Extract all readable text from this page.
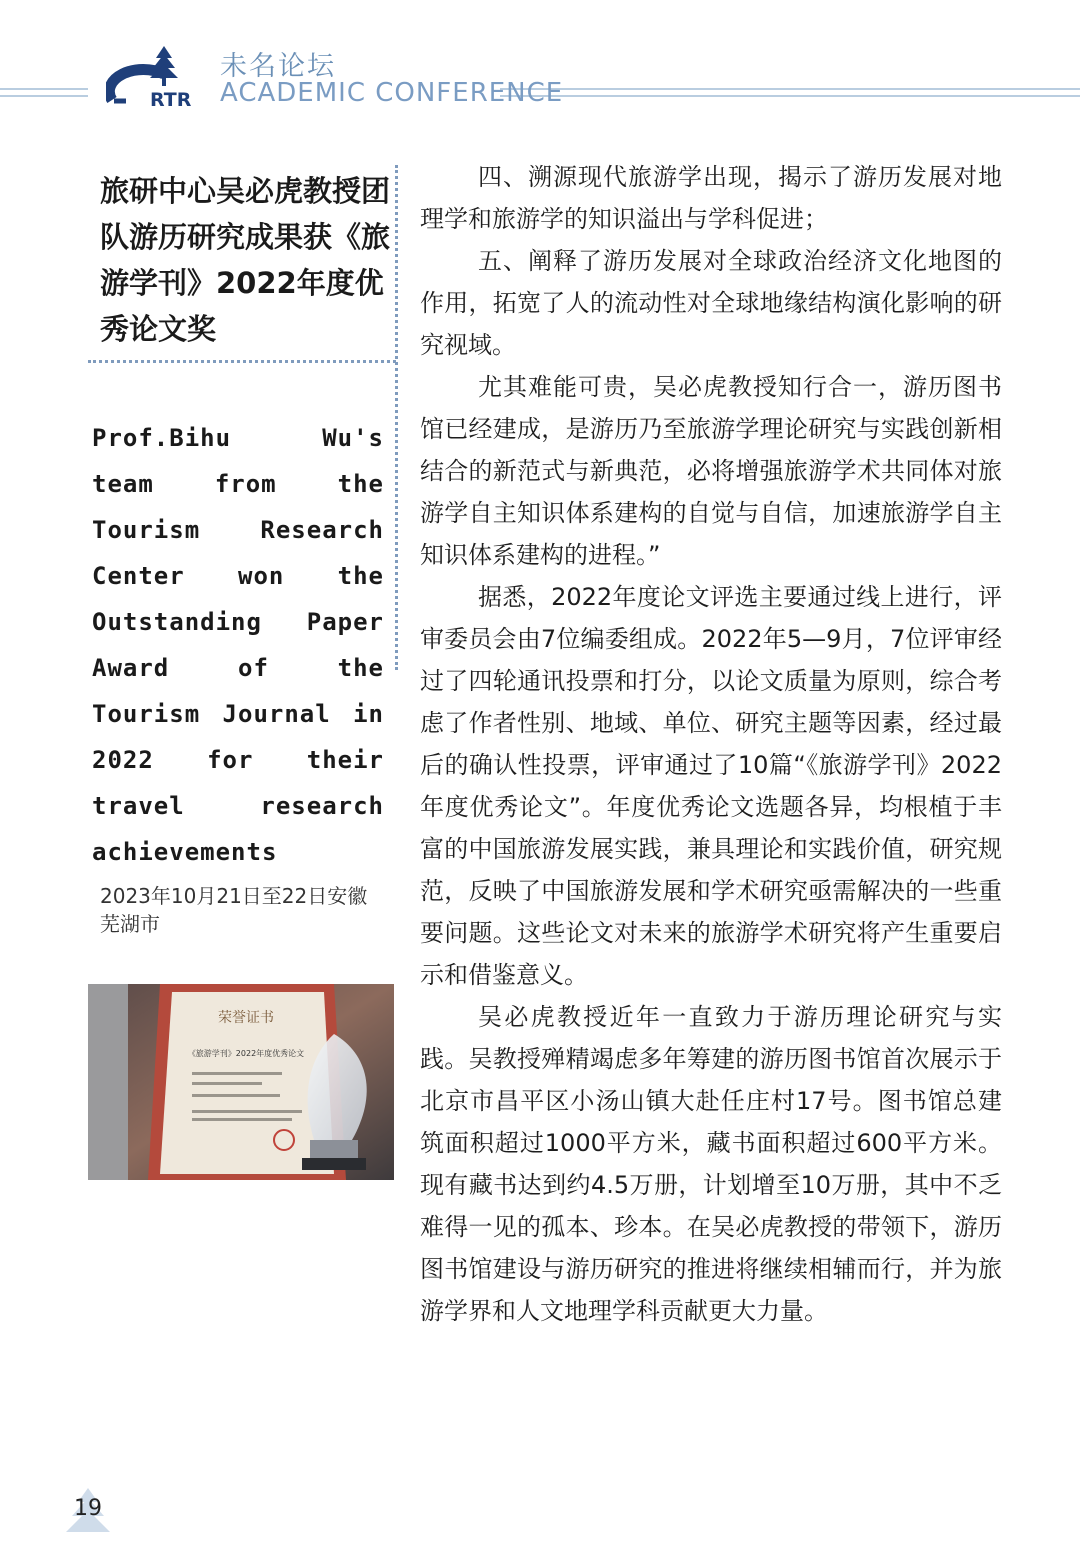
RTR
未名论坛
ACADEMIC CONFERENCE
旅研中心吴必虎教授团队游历研究成果获《旅游学刊》2022年度优秀论文奖
Prof.Bihu Wu's team from the Tourism Research Center won the Outstanding Paper Award of the Tourism Journal in 2022 for their travel research achievements
2023年10月21日至22日安徽芜湖市
荣誉证书
《旅游学刊》2022年度优秀论文

四、溯源现代旅游学出现，揭示了游历发展对地理学和旅游学的知识溢出与学科促进；

五、阐释了游历发展对全球政治经济文化地图的作用，拓宽了人的流动性对全球地缘结构演化影响的研究视域。

尤其难能可贵，吴必虎教授知行合一，游历图书馆已经建成，是游历乃至旅游学理论研究与实践创新相结合的新范式与新典范，必将增强旅游学术共同体对旅游学自主知识体系建构的自觉与自信，加速旅游学自主知识体系建构的进程。”

据悉，2022年度论文评选主要通过线上进行，评审委员会由7位编委组成。2022年5—9月，7位评审经过了四轮通讯投票和打分，以论文质量为原则，综合考虑了作者性别、地域、单位、研究主题等因素，经过最后的确认性投票，评审通过了10篇“《旅游学刊》2022年度优秀论文”。年度优秀论文选题各异，均根植于丰富的中国旅游发展实践，兼具理论和实践价值，研究规范，反映了中国旅游发展和学术研究亟需解决的一些重要问题。这些论文对未来的旅游学术研究将产生重要启示和借鉴意义。

吴必虎教授近年一直致力于游历理论研究与实践。吴教授殚精竭虑多年筹建的游历图书馆首次展示于北京市昌平区小汤山镇大赴任庄村17号。图书馆总建筑面积超过1000平方米，藏书面积超过600平方米。现有藏书达到约4.5万册，计划增至10万册，其中不乏难得一见的孤本、珍本。在吴必虎教授的带领下，游历图书馆建设与游历研究的推进将继续相辅而行，并为旅游学界和人文地理学科贡献更大力量。

19
